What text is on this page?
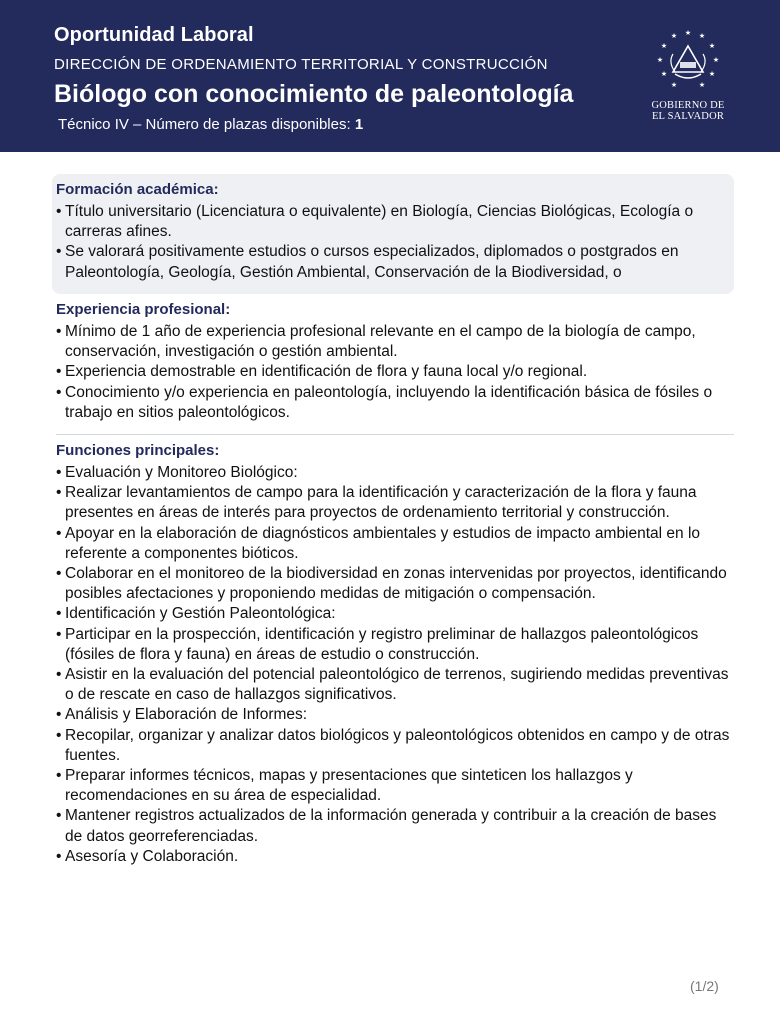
Oportunidad Laboral
DIRECCIÓN DE ORDENAMIENTO TERRITORIAL Y CONSTRUCCIÓN
Biólogo con conocimiento de paleontología
Técnico IV – Número de plazas disponibles: 1
★ ★
★
★
★
★
★
★
★
★
★
GOBIERNO DE
EL SALVADOR
Formación académica:
• Título universitario (Licenciatura o equivalente) en Biología, Ciencias Biológicas, Ecología o carreras afines.
• Se valorará positivamente estudios o cursos especializados, diplomados o postgrados en Paleontología, Geología, Gestión Ambiental, Conservación de la Biodiversidad, o
Experiencia profesional:
• Mínimo de 1 año de experiencia profesional relevante en el campo de la biología de campo, conservación, investigación o gestión ambiental.
• Experiencia demostrable en identificación de flora y fauna local y/o regional.
• Conocimiento y/o experiencia en paleontología, incluyendo la identificación básica de fósiles o trabajo en sitios paleontológicos.
Funciones principales:
• Evaluación y Monitoreo Biológico:
• Realizar levantamientos de campo para la identificación y caracterización de la flora y fauna presentes en áreas de interés para proyectos de ordenamiento territorial y construcción.
• Apoyar en la elaboración de diagnósticos ambientales y estudios de impacto ambiental en lo referente a componentes bióticos.
• Colaborar en el monitoreo de la biodiversidad en zonas intervenidas por proyectos, identificando posibles afectaciones y proponiendo medidas de mitigación o compensación.
• Identificación y Gestión Paleontológica:
• Participar en la prospección, identificación y registro preliminar de hallazgos paleontológicos (fósiles de flora y fauna) en áreas de estudio o construcción.
• Asistir en la evaluación del potencial paleontológico de terrenos, sugiriendo medidas preventivas o de rescate en caso de hallazgos significativos.
• Análisis y Elaboración de Informes:
• Recopilar, organizar y analizar datos biológicos y paleontológicos obtenidos en campo y de otras fuentes.
• Preparar informes técnicos, mapas y presentaciones que sinteticen los hallazgos y recomendaciones en su área de especialidad.
• Mantener registros actualizados de la información generada y contribuir a la creación de bases de datos georreferenciadas.
• Asesoría y Colaboración.
(1/2)
